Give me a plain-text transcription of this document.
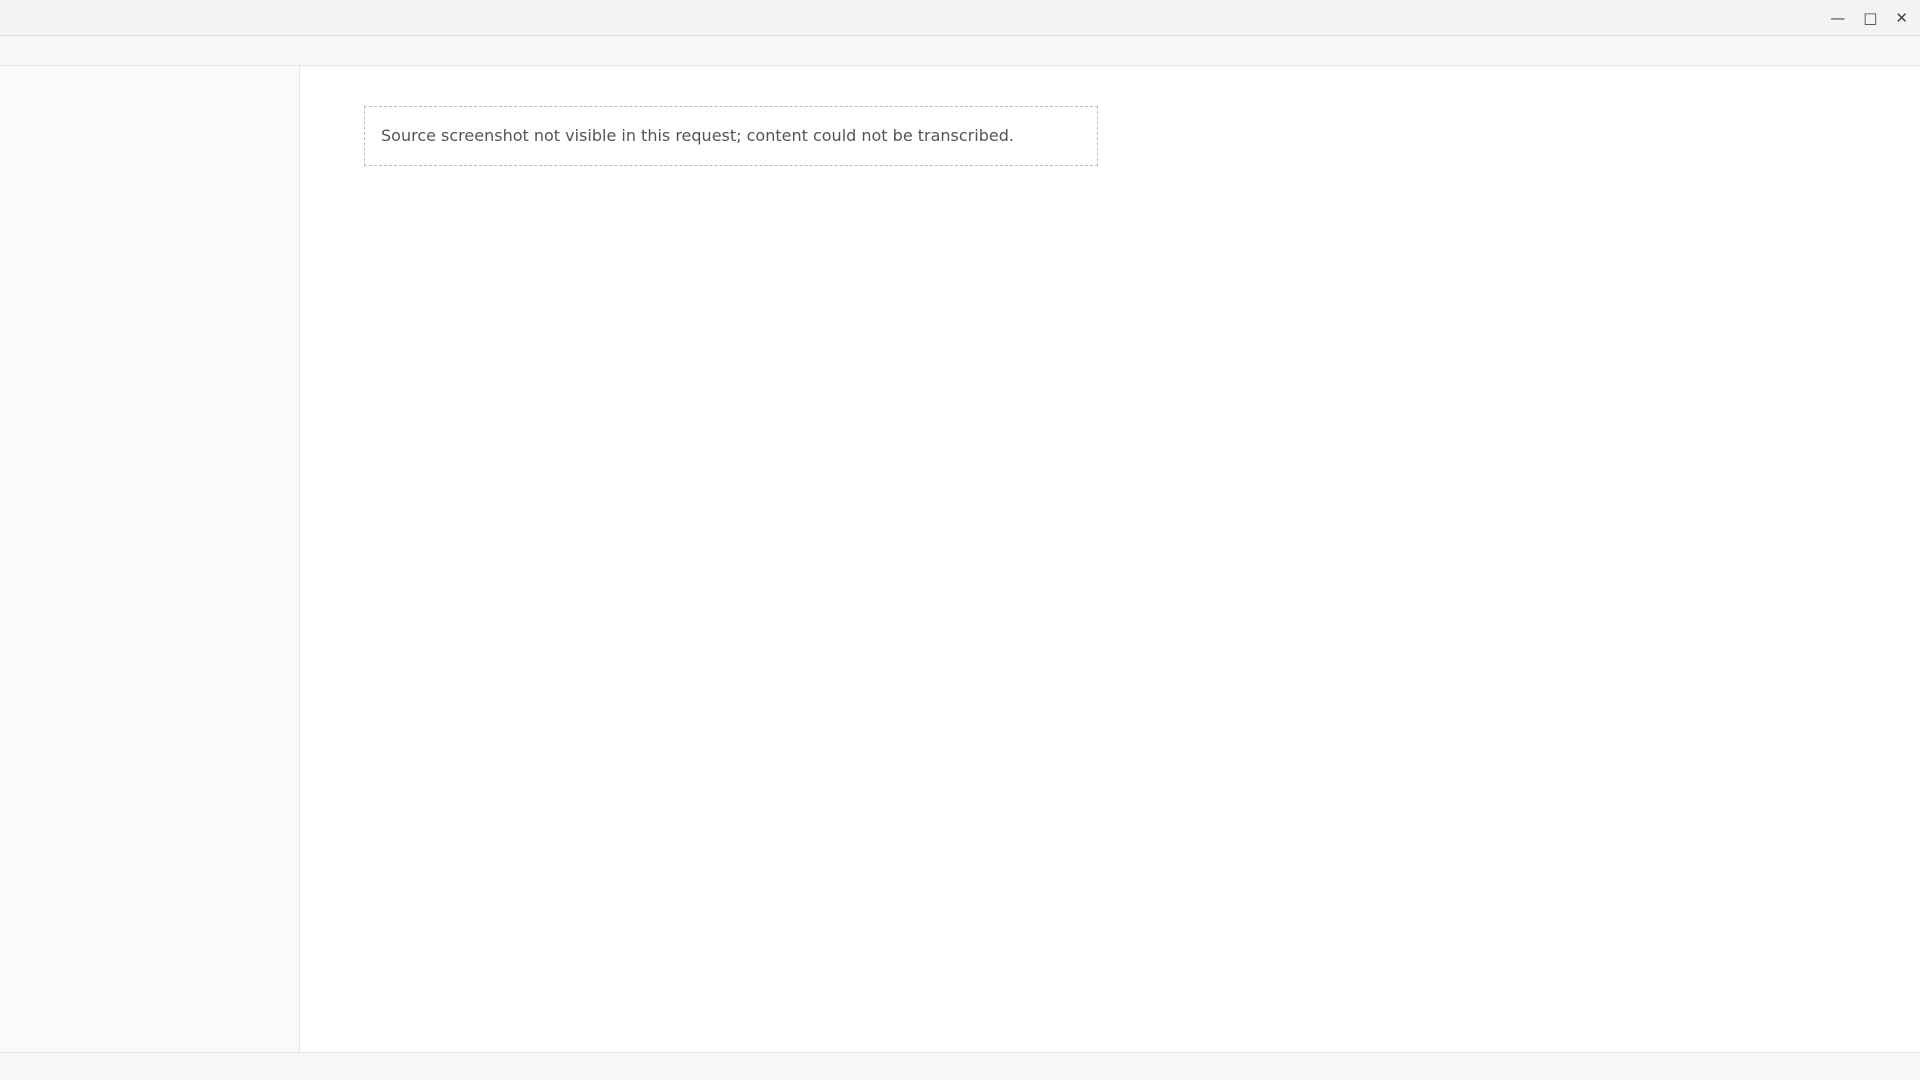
— □ ✕
Source screenshot not visible in this request; content could not be transcribed.
